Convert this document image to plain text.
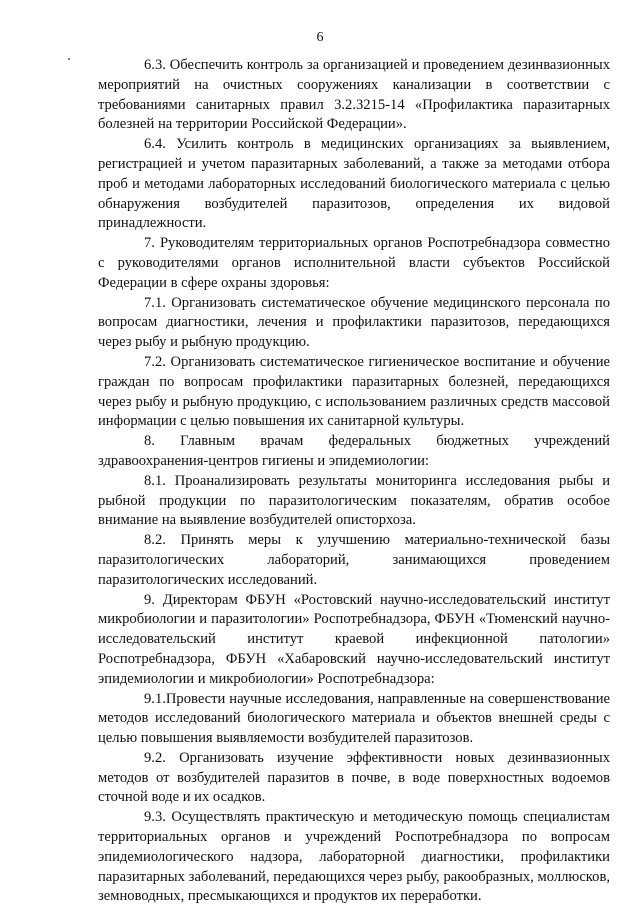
6

6.3. Обеспечить контроль за организацией и проведением дезинвазионных мероприятий на очистных сооружениях канализации в соответствии с требованиями санитарных правил 3.2.3215-14 «Профилактика паразитарных болезней на территории Российской Федерации».

6.4. Усилить контроль в медицинских организациях за выявлением, регистрацией и учетом паразитарных заболеваний, а также за методами отбора проб и методами лабораторных исследований биологического материала с целью обнаружения возбудителей паразитозов, определения их видовой принадлежности.

7. Руководителям территориальных органов Роспотребнадзора совместно с руководителями органов исполнительной власти субъектов Российской Федерации в сфере охраны здоровья:

7.1. Организовать систематическое обучение медицинского персонала по вопросам диагностики, лечения и профилактики паразитозов, передающихся через рыбу и рыбную продукцию.

7.2. Организовать систематическое гигиеническое воспитание и обучение граждан по вопросам профилактики паразитарных болезней, передающихся через рыбу и рыбную продукцию, с использованием различных средств массовой информации с целью повышения их санитарной культуры.

8. Главным врачам федеральных бюджетных учреждений здравоохранения-центров гигиены и эпидемиологии:

8.1. Проанализировать результаты мониторинга исследования рыбы и рыбной продукции по паразитологическим показателям, обратив особое внимание на выявление возбудителей описторхоза.

8.2. Принять меры к улучшению материально-технической базы паразитологических лабораторий, занимающихся проведением паразитологических исследований.

9. Директорам ФБУН «Ростовский научно-исследовательский институт микробиологии и паразитологии» Роспотребнадзора, ФБУН «Тюменский научно-исследовательский институт краевой инфекционной патологии» Роспотребнадзора, ФБУН «Хабаровский научно-исследовательский институт эпидемиологии и микробиологии» Роспотребнадзора:

9.1.Провести научные исследования, направленные на совершенствование методов исследований биологического материала и объектов внешней среды с целью повышения выявляемости возбудителей паразитозов.

9.2. Организовать изучение эффективности новых дезинвазионных методов от возбудителей паразитов в почве, в воде поверхностных водоемов сточной воде и их осадков.

9.3. Осуществлять практическую и методическую помощь специалистам территориальных органов и учреждений Роспотребнадзора по вопросам эпидемиологического надзора, лабораторной диагностики, профилактики паразитарных заболеваний, передающихся через рыбу, ракообразных, моллюсков, земноводных, пресмыкающихся и продуктов их переработки.
